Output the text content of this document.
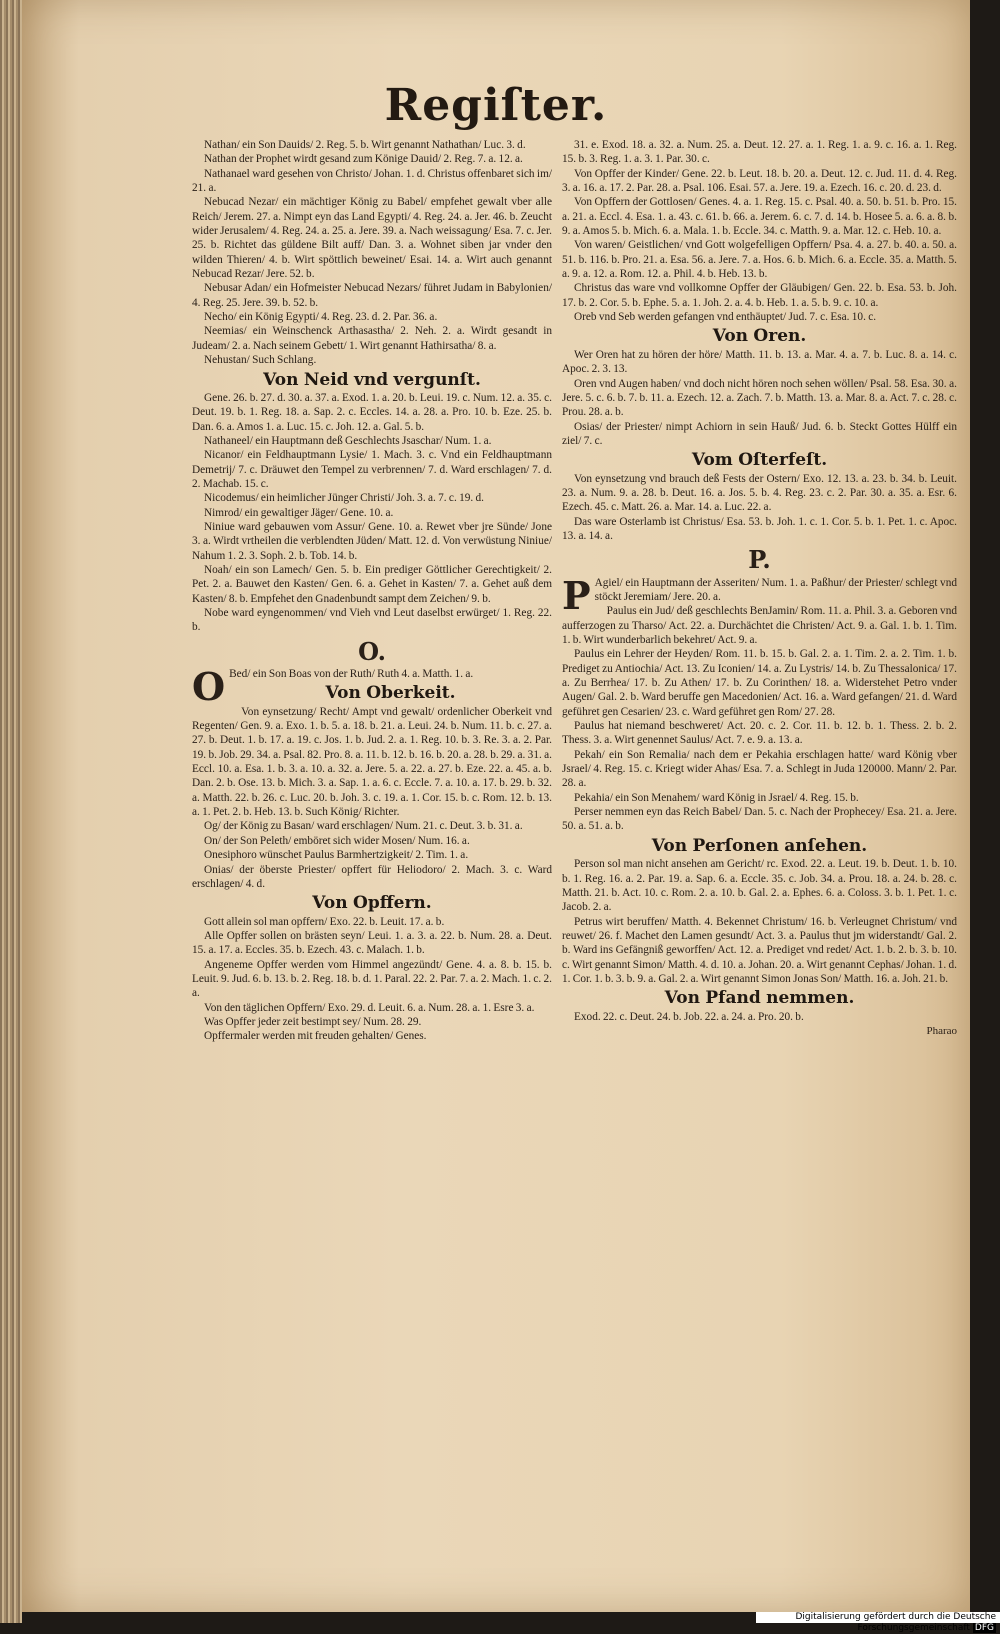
Regiſter.

Nathan/ ein Son Dauids/ 2. Reg. 5. b. Wirt genannt Nathathan/ Luc. 3. d.

Nathan der Prophet wirdt gesand zum Könige Dauid/ 2. Reg. 7. a. 12. a.

Nathanael ward gesehen von Christo/ Johan. 1. d. Christus offenbaret sich im/ 21. a.

Nebucad Nezar/ ein mächtiger König zu Babel/ empfehet gewalt vber alle Reich/ Jerem. 27. a. Nimpt eyn das Land Egypti/ 4. Reg. 24. a. Jer. 46. b. Zeucht wider Jerusalem/ 4. Reg. 24. a. 25. a. Jere. 39. a. Nach weissagung/ Esa. 7. c. Jer. 25. b. Richtet das güldene Bilt auff/ Dan. 3. a. Wohnet siben jar vnder den wilden Thieren/ 4. b. Wirt spöttlich beweinet/ Esai. 14. a. Wirt auch genannt Nebucad Rezar/ Jere. 52. b.

Nebusar Adan/ ein Hofmeister Nebucad Nezars/ führet Judam in Babylonien/ 4. Reg. 25. Jere. 39. b. 52. b.

Necho/ ein König Egypti/ 4. Reg. 23. d. 2. Par. 36. a.

Neemias/ ein Weinschenck Arthasastha/ 2. Neh. 2. a. Wirdt gesandt in Judeam/ 2. a. Nach seinem Gebett/ 1. Wirt genannt Hathirsatha/ 8. a.

Nehustan/ Such Schlang.

Von Neid vnd vergunſt.

Gene. 26. b. 27. d. 30. a. 37. a. Exod. 1. a. 20. b. Leui. 19. c. Num. 12. a. 35. c. Deut. 19. b. 1. Reg. 18. a. Sap. 2. c. Eccles. 14. a. 28. a. Pro. 10. b. Eze. 25. b. Dan. 6. a. Amos 1. a. Luc. 15. c. Joh. 12. a. Gal. 5. b.

Nathaneel/ ein Hauptmann deß Geschlechts Jsaschar/ Num. 1. a.

Nicanor/ ein Feldhauptmann Lysie/ 1. Mach. 3. c. Vnd ein Feldhauptmann Demetrij/ 7. c. Dräuwet den Tempel zu verbrennen/ 7. d. Ward erschlagen/ 7. d. 2. Machab. 15. c.

Nicodemus/ ein heimlicher Jünger Christi/ Joh. 3. a. 7. c. 19. d.

Nimrod/ ein gewaltiger Jäger/ Gene. 10. a.

Niniue ward gebauwen vom Assur/ Gene. 10. a. Rewet vber jre Sünde/ Jone 3. a. Wirdt vrtheilen die verblendten Jüden/ Matt. 12. d. Von verwüstung Niniue/ Nahum 1. 2. 3. Soph. 2. b. Tob. 14. b.

Noah/ ein son Lamech/ Gen. 5. b. Ein prediger Göttlicher Gerechtigkeit/ 2. Pet. 2. a. Bauwet den Kasten/ Gen. 6. a. Gehet in Kasten/ 7. a. Gehet auß dem Kasten/ 8. b. Empfehet den Gnadenbundt sampt dem Zeichen/ 9. b.

Nobe ward eyngenommen/ vnd Vieh vnd Leut daselbst erwürget/ 1. Reg. 22. b.

O.

O Bed/ ein Son Boas von der Ruth/ Ruth 4. a. Matth. 1. a.

Von Oberkeit.

Von eynsetzung/ Recht/ Ampt vnd gewalt/ ordenlicher Oberkeit vnd Regenten/ Gen. 9. a. Exo. 1. b. 5. a. 18. b. 21. a. Leui. 24. b. Num. 11. b. c. 27. a. 27. b. Deut. 1. b. 17. a. 19. c. Jos. 1. b. Jud. 2. a. 1. Reg. 10. b. 3. Re. 3. a. 2. Par. 19. b. Job. 29. 34. a. Psal. 82. Pro. 8. a. 11. b. 12. b. 16. b. 20. a. 28. b. 29. a. 31. a. Eccl. 10. a. Esa. 1. b. 3. a. 10. a. 32. a. Jere. 5. a. 22. a. 27. b. Eze. 22. a. 45. a. b. Dan. 2. b. Ose. 13. b. Mich. 3. a. Sap. 1. a. 6. c. Eccle. 7. a. 10. a. 17. b. 29. b. 32. a. Matth. 22. b. 26. c. Luc. 20. b. Joh. 3. c. 19. a. 1. Cor. 15. b. c. Rom. 12. b. 13. a. 1. Pet. 2. b. Heb. 13. b. Such König/ Richter.

Og/ der König zu Basan/ ward erschlagen/ Num. 21. c. Deut. 3. b. 31. a.

On/ der Son Peleth/ emböret sich wider Mosen/ Num. 16. a.

Onesiphoro wünschet Paulus Barmhertzigkeit/ 2. Tim. 1. a.

Onias/ der öberste Priester/ opffert für Heliodoro/ 2. Mach. 3. c. Ward erschlagen/ 4. d.

Von Opffern.

Gott allein sol man opffern/ Exo. 22. b. Leuit. 17. a. b.

Alle Opffer sollen on brästen seyn/ Leui. 1. a. 3. a. 22. b. Num. 28. a. Deut. 15. a. 17. a. Eccles. 35. b. Ezech. 43. c. Malach. 1. b.

Angeneme Opffer werden vom Himmel angezündt/ Gene. 4. a. 8. b. 15. b. Leuit. 9. Jud. 6. b. 13. b. 2. Reg. 18. b. d. 1. Paral. 22. 2. Par. 7. a. 2. Mach. 1. c. 2. a.

Von den täglichen Opffern/ Exo. 29. d. Leuit. 6. a. Num. 28. a. 1. Esre 3. a.

Was Opffer jeder zeit bestimpt sey/ Num. 28. 29.

Opffermaler werden mit freuden gehalten/ Genes.

31. e. Exod. 18. a. 32. a. Num. 25. a. Deut. 12. 27. a. 1. Reg. 1. a. 9. c. 16. a. 1. Reg. 15. b. 3. Reg. 1. a. 3. 1. Par. 30. c.

Von Opffer der Kinder/ Gene. 22. b. Leut. 18. b. 20. a. Deut. 12. c. Jud. 11. d. 4. Reg. 3. a. 16. a. 17. 2. Par. 28. a. Psal. 106. Esai. 57. a. Jere. 19. a. Ezech. 16. c. 20. d. 23. d.

Von Opffern der Gottlosen/ Genes. 4. a. 1. Reg. 15. c. Psal. 40. a. 50. b. 51. b. Pro. 15. a. 21. a. Eccl. 4. Esa. 1. a. 43. c. 61. b. 66. a. Jerem. 6. c. 7. d. 14. b. Hosee 5. a. 6. a. 8. b. 9. a. Amos 5. b. Mich. 6. a. Mala. 1. b. Eccle. 34. c. Matth. 9. a. Mar. 12. c. Heb. 10. a.

Von waren/ Geistlichen/ vnd Gott wolgefelligen Opffern/ Psa. 4. a. 27. b. 40. a. 50. a. 51. b. 116. b. Pro. 21. a. Esa. 56. a. Jere. 7. a. Hos. 6. b. Mich. 6. a. Eccle. 35. a. Matth. 5. a. 9. a. 12. a. Rom. 12. a. Phil. 4. b. Heb. 13. b.

Christus das ware vnd vollkomne Opffer der Gläubigen/ Gen. 22. b. Esa. 53. b. Joh. 17. b. 2. Cor. 5. b. Ephe. 5. a. 1. Joh. 2. a. 4. b. Heb. 1. a. 5. b. 9. c. 10. a.

Oreb vnd Seb werden gefangen vnd enthäuptet/ Jud. 7. c. Esa. 10. c.

Von Oren.

Wer Oren hat zu hören der höre/ Matth. 11. b. 13. a. Mar. 4. a. 7. b. Luc. 8. a. 14. c. Apoc. 2. 3. 13.

Oren vnd Augen haben/ vnd doch nicht hören noch sehen wöllen/ Psal. 58. Esa. 30. a. Jere. 5. c. 6. b. 7. b. 11. a. Ezech. 12. a. Zach. 7. b. Matth. 13. a. Mar. 8. a. Act. 7. c. 28. c. Prou. 28. a. b.

Osias/ der Priester/ nimpt Achiorn in sein Hauß/ Jud. 6. b. Steckt Gottes Hülff ein ziel/ 7. c.

Vom Oſterfeſt.

Von eynsetzung vnd brauch deß Fests der Ostern/ Exo. 12. 13. a. 23. b. 34. b. Leuit. 23. a. Num. 9. a. 28. b. Deut. 16. a. Jos. 5. b. 4. Reg. 23. c. 2. Par. 30. a. 35. a. Esr. 6. Ezech. 45. c. Matt. 26. a. Mar. 14. a. Luc. 22. a.

Das ware Osterlamb ist Christus/ Esa. 53. b. Joh. 1. c. 1. Cor. 5. b. 1. Pet. 1. c. Apoc. 13. a. 14. a.

P.

P Agiel/ ein Hauptmann der Asseriten/ Num. 1. a. Paßhur/ der Priester/ schlegt vnd stöckt Jeremiam/ Jere. 20. a.

Paulus ein Jud/ deß geschlechts BenJamin/ Rom. 11. a. Phil. 3. a. Geboren vnd aufferzogen zu Tharso/ Act. 22. a. Durchächtet die Christen/ Act. 9. a. Gal. 1. b. 1. Tim. 1. b. Wirt wunderbarlich bekehret/ Act. 9. a.

Paulus ein Lehrer der Heyden/ Rom. 11. b. 15. b. Gal. 2. a. 1. Tim. 2. a. 2. Tim. 1. b. Prediget zu Antiochia/ Act. 13. Zu Iconien/ 14. a. Zu Lystris/ 14. b. Zu Thessalonica/ 17. a. Zu Berrhea/ 17. b. Zu Athen/ 17. b. Zu Corinthen/ 18. a. Widerstehet Petro vnder Augen/ Gal. 2. b. Ward beruffe gen Macedonien/ Act. 16. a. Ward gefangen/ 21. d. Ward geführet gen Cesarien/ 23. c. Ward geführet gen Rom/ 27. 28.

Paulus hat niemand beschweret/ Act. 20. c. 2. Cor. 11. b. 12. b. 1. Thess. 2. b. 2. Thess. 3. a. Wirt genennet Saulus/ Act. 7. e. 9. a. 13. a.

Pekah/ ein Son Remalia/ nach dem er Pekahia erschlagen hatte/ ward König vber Jsrael/ 4. Reg. 15. c. Kriegt wider Ahas/ Esa. 7. a. Schlegt in Juda 120000. Mann/ 2. Par. 28. a.

Pekahia/ ein Son Menahem/ ward König in Jsrael/ 4. Reg. 15. b.

Perser nemmen eyn das Reich Babel/ Dan. 5. c. Nach der Prophecey/ Esa. 21. a. Jere. 50. a. 51. a. b.

Von Perſonen anſehen.

Person sol man nicht ansehen am Gericht/ rc. Exod. 22. a. Leut. 19. b. Deut. 1. b. 10. b. 1. Reg. 16. a. 2. Par. 19. a. Sap. 6. a. Eccle. 35. c. Job. 34. a. Prou. 18. a. 24. b. 28. c. Matth. 21. b. Act. 10. c. Rom. 2. a. 10. b. Gal. 2. a. Ephes. 6. a. Coloss. 3. b. 1. Pet. 1. c. Jacob. 2. a.

Petrus wirt beruffen/ Matth. 4. Bekennet Christum/ 16. b. Verleugnet Christum/ vnd reuwet/ 26. f. Machet den Lamen gesundt/ Act. 3. a. Paulus thut jm widerstandt/ Gal. 2. b. Ward ins Gefängniß geworffen/ Act. 12. a. Prediget vnd redet/ Act. 1. b. 2. b. 3. b. 10. c. Wirt genannt Simon/ Matth. 4. d. 10. a. Johan. 20. a. Wirt genannt Cephas/ Johan. 1. d. 1. Cor. 1. b. 3. b. 9. a. Gal. 2. a. Wirt genannt Simon Jonas Son/ Matth. 16. a. Joh. 21. b.

Von Pfand nemmen.

Exod. 22. c. Deut. 24. b. Job. 22. a. 24. a. Pro. 20. b.

Pharao
Digitalisierung gefördert durch die Deutsche Forschungsgemeinschaft DFG
